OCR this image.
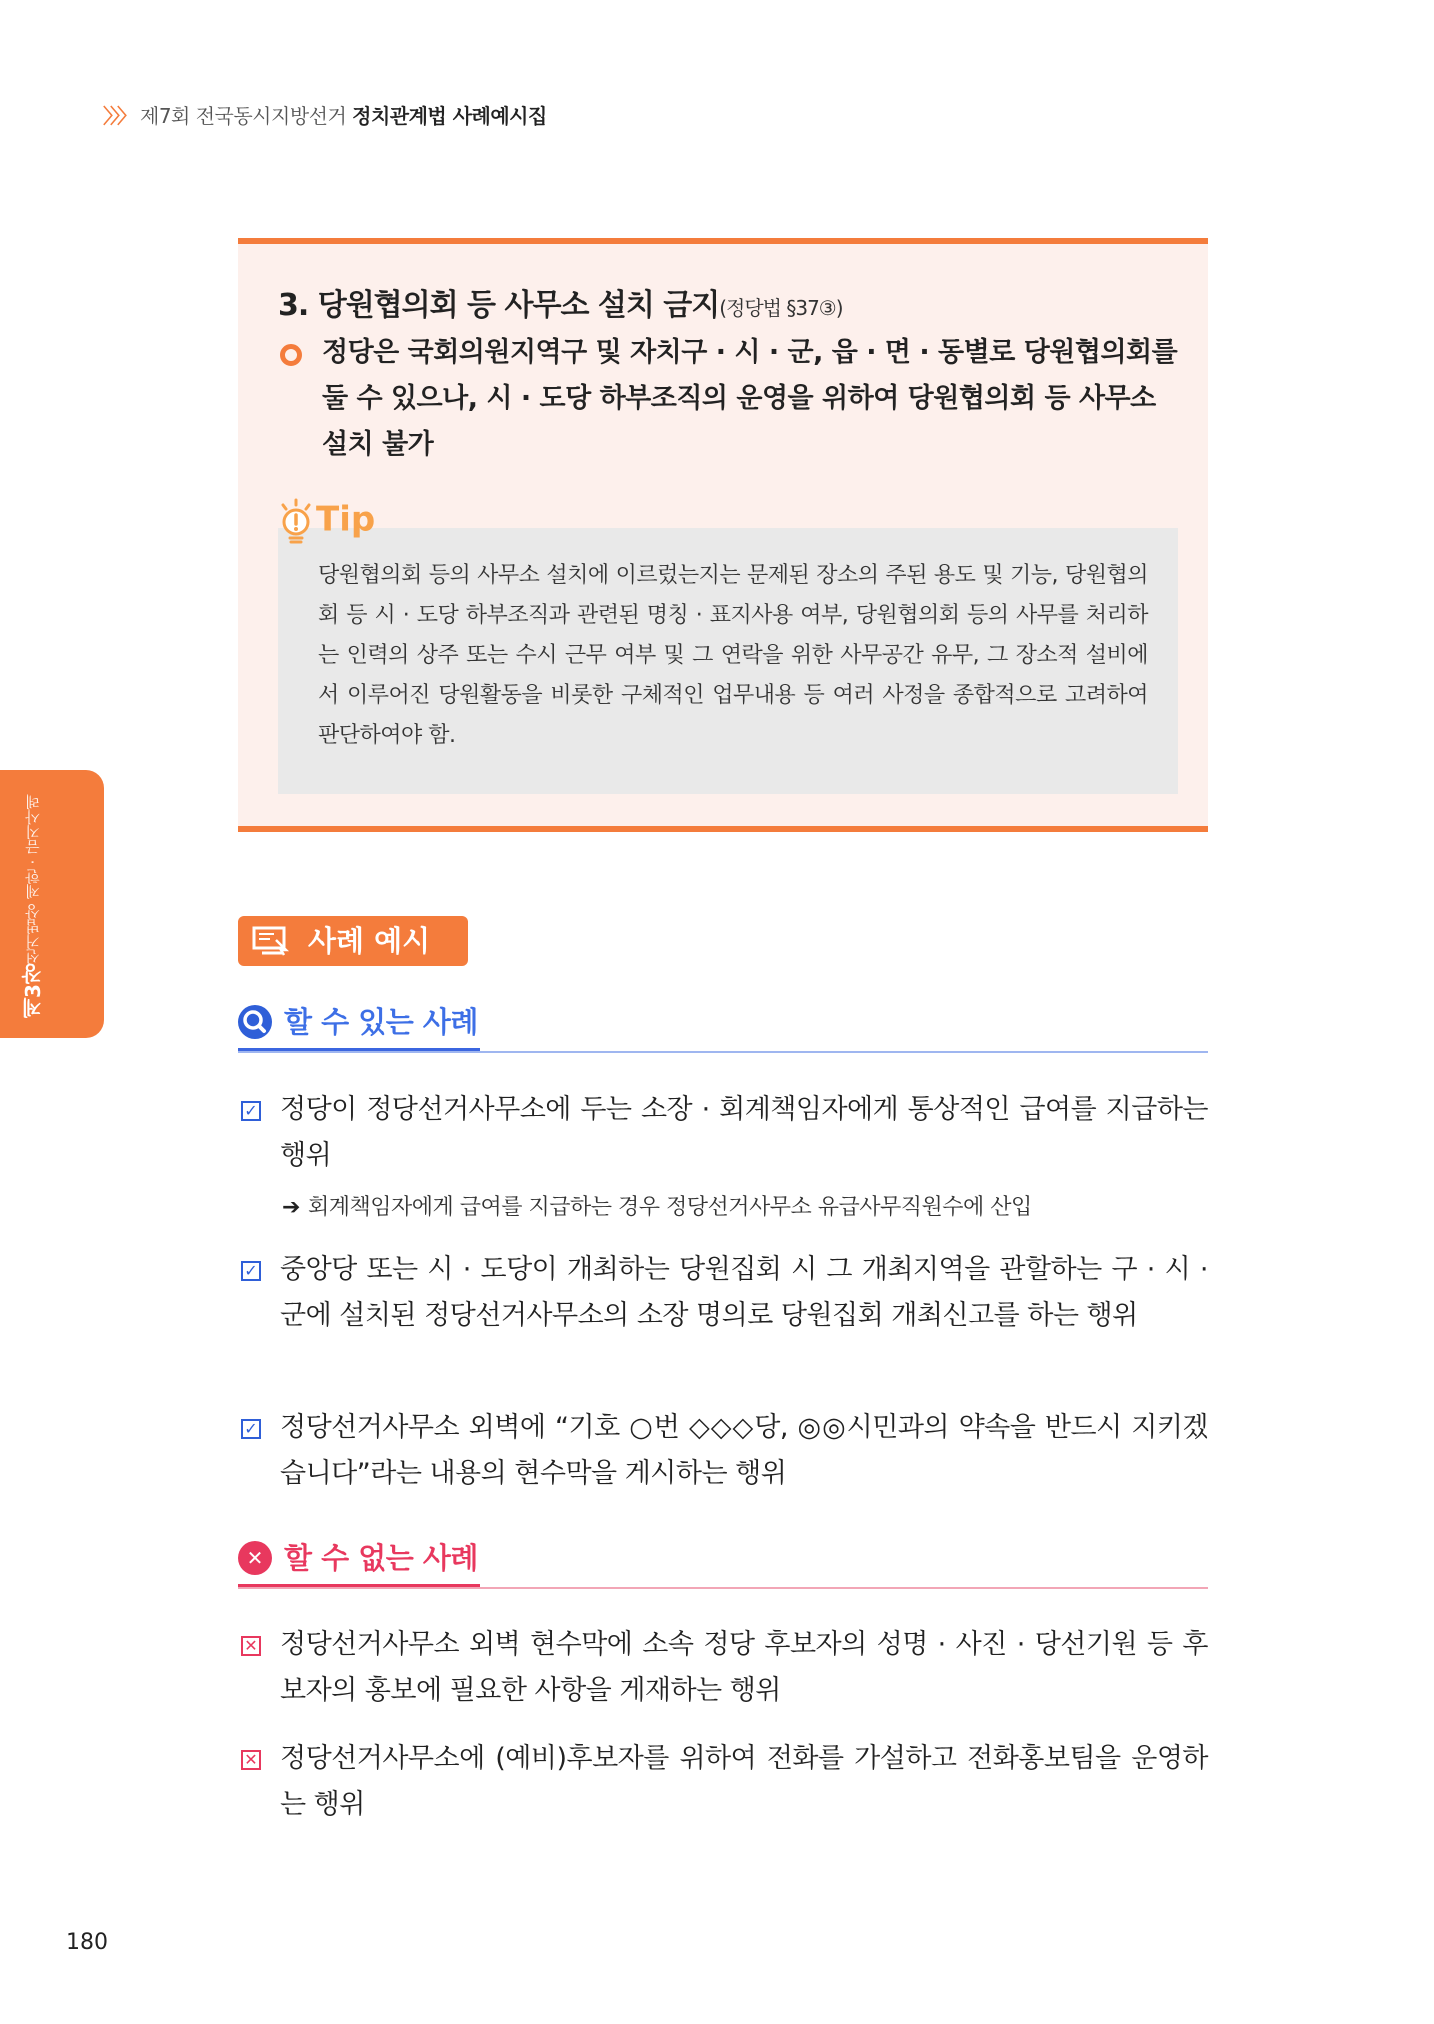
〉〉〉 제7회 전국동시지방선거 정치관계법 사례예시집
제3장선거법상 제한 · 금지사례
3. 당원협의회 등 사무소 설치 금지(정당법 §37③)
정당은 국회의원지역구 및 자치구 · 시 · 군, 읍 · 면 · 동별로 당원협의회를 둘 수 있으나, 시 · 도당 하부조직의 운영을 위하여 당원협의회 등 사무소 설치 불가
당원협의회 등의 사무소 설치에 이르렀는지는 문제된 장소의 주된 용도 및 기능, 당원협의회 등 시 · 도당 하부조직과 관련된 명칭 · 표지사용 여부, 당원협의회 등의 사무를 처리하는 인력의 상주 또는 수시 근무 여부 및 그 연락을 위한 사무공간 유무, 그 장소적 설비에서 이루어진 당원활동을 비롯한 구체적인 업무내용 등 여러 사정을 종합적으로 고려하여 판단하여야 함.
Tip
사례 예시
할 수 있는 사례
✓ 정당이 정당선거사무소에 두는 소장 · 회계책임자에게 통상적인 급여를 지급하는 행위
➔ 회계책임자에게 급여를 지급하는 경우 정당선거사무소 유급사무직원수에 산입
✓ 중앙당 또는 시 · 도당이 개최하는 당원집회 시 그 개최지역을 관할하는 구 · 시 · 군에 설치된 정당선거사무소의 소장 명의로 당원집회 개최신고를 하는 행위
✓ 정당선거사무소 외벽에 “기호 ○번 ◇◇◇당, ◎◎시민과의 약속을 반드시 지키겠습니다”라는 내용의 현수막을 게시하는 행위
✕ 할 수 없는 사례
✕ 정당선거사무소 외벽 현수막에 소속 정당 후보자의 성명 · 사진 · 당선기원 등 후보자의 홍보에 필요한 사항을 게재하는 행위
✕ 정당선거사무소에 (예비)후보자를 위하여 전화를 가설하고 전화홍보팀을 운영하는 행위
180
